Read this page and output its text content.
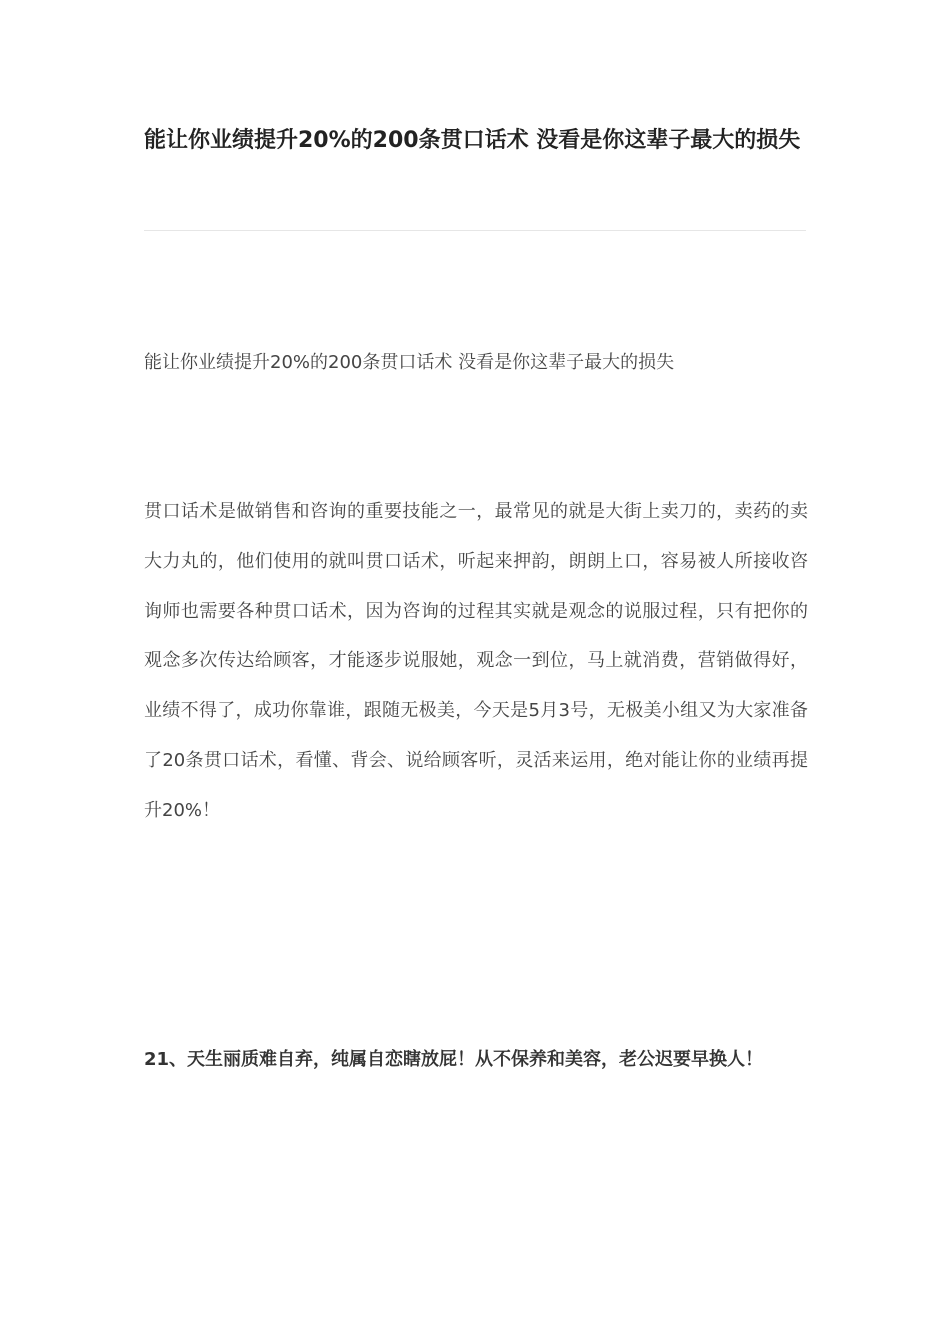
能让你业绩提升20%的200条贯口话术 没看是你这辈子最大的损失

能让你业绩提升20%的200条贯口话术 没看是你这辈子最大的损失

贯口话术是做销售和咨询的重要技能之一，最常见的就是大街上卖刀的，卖药的卖大力丸的，他们使用的就叫贯口话术，听起来押韵，朗朗上口，容易被人所接收咨询师也需要各种贯口话术，因为咨询的过程其实就是观念的说服过程，只有把你的观念多次传达给顾客，才能逐步说服她，观念一到位，马上就消费，营销做得好，业绩不得了，成功你靠谁，跟随无极美，今天是5月3号，无极美小组又为大家准备了20条贯口话术，看懂、背会、说给顾客听，灵活来运用，绝对能让你的业绩再提升20%！

21、天生丽质难自弃，纯属自恋瞎放屁！从不保养和美容，老公迟要早换人！
